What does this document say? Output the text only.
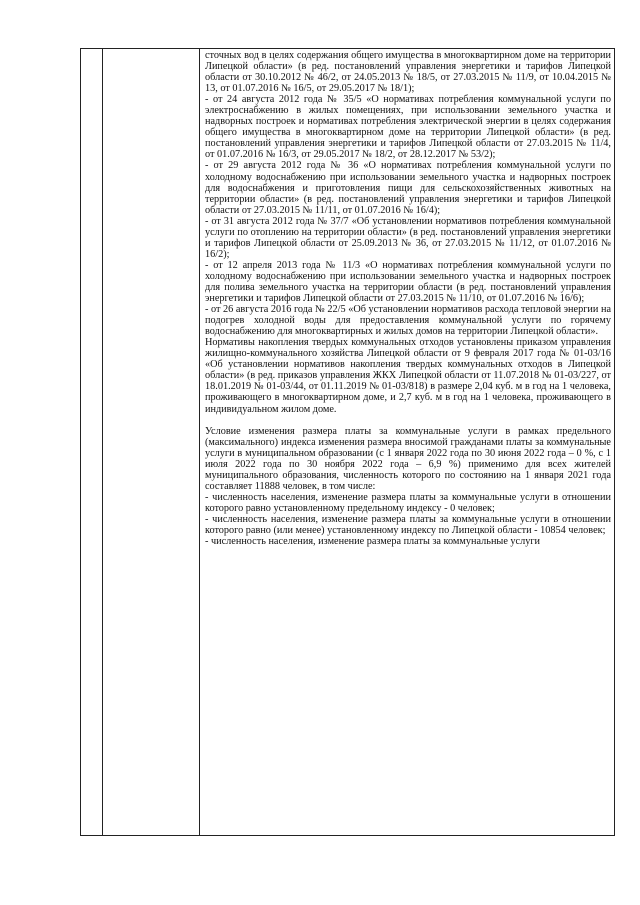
сточных вод в целях содержания общего имущества в многоквартирном доме на территории Липецкой области» (в ред. постановлений управления энергетики и тарифов Липецкой области от 30.10.2012 № 46/2, от 24.05.2013 № 18/5, от 27.03.2015 № 11/9, от 10.04.2015 № 13, от 01.07.2016 № 16/5, от 29.05.2017 № 18/1);

- от 24 августа 2012 года № 35/5 «О нормативах потребления коммунальной услуги по электроснабжению в жилых помещениях, при использовании земельного участка и надворных построек и нормативах потребления электрической энергии в целях содержания общего имущества в многоквартирном доме на территории Липецкой области» (в ред. постановлений управления энергетики и тарифов Липецкой области от 27.03.2015 № 11/4, от 01.07.2016 № 16/3, от 29.05.2017 № 18/2, от 28.12.2017 № 53/2);

- от 29 августа 2012 года № 36 «О нормативах потребления коммунальной услуги по холодному водоснабжению при использовании земельного участка и надворных построек для водоснабжения и приготовления пищи для сельскохозяйственных животных на территории области» (в ред. постановлений управления энергетики и тарифов Липецкой области от 27.03.2015 № 11/11, от 01.07.2016 № 16/4);

- от 31 августа 2012 года № 37/7 «Об установлении нормативов потребления коммунальной услуги по отоплению на территории области» (в ред. постановлений управления энергетики и тарифов Липецкой области от 25.09.2013 № 36, от 27.03.2015 № 11/12, от 01.07.2016 № 16/2);

- от 12 апреля 2013 года № 11/3 «О нормативах потребления коммунальной услуги по холодному водоснабжению при использовании земельного участка и надворных построек для полива земельного участка на территории области (в ред. постановлений управления энергетики и тарифов Липецкой области от 27.03.2015 № 11/10, от 01.07.2016 № 16/6);

- от 26 августа 2016 года № 22/5 «Об установлении нормативов расхода тепловой энергии на подогрев холодной воды для предоставления коммунальной услуги по горячему водоснабжению для многоквартирных и жилых домов на территории Липецкой области».

Нормативы накопления твердых коммунальных отходов установлены приказом управления жилищно-коммунального хозяйства Липецкой области от 9 февраля 2017 года № 01-03/16 «Об установлении нормативов накопления твердых коммунальных отходов в Липецкой области» (в ред. приказов управления ЖКХ Липецкой области от 11.07.2018 № 01-03/227, от 18.01.2019 № 01-03/44, от 01.11.2019 № 01-03/818) в размере 2,04 куб. м в год на 1 человека, проживающего в многоквартирном доме, и 2,7 куб. м в год на 1 человека, проживающего в индивидуальном жилом доме.

Условие изменения размера платы за коммунальные услуги в рамках предельного (максимального) индекса изменения размера вносимой гражданами платы за коммунальные услуги в муниципальном образовании (с 1 января 2022 года по 30 июня 2022 года – 0 %, с 1 июля 2022 года по 30 ноября 2022 года – 6,9 %) применимо для всех жителей муниципального образования, численность которого по состоянию на 1 января 2021 года составляет 11888 человек, в том числе:

- численность населения, изменение размера платы за коммунальные услуги в отношении которого равно установленному предельному индексу - 0 человек;

- численность населения, изменение размера платы за коммунальные услуги в отношении которого равно (или менее) установленному индексу по Липецкой области - 10854 человек;

- численность населения, изменение размера платы за коммунальные услуги
